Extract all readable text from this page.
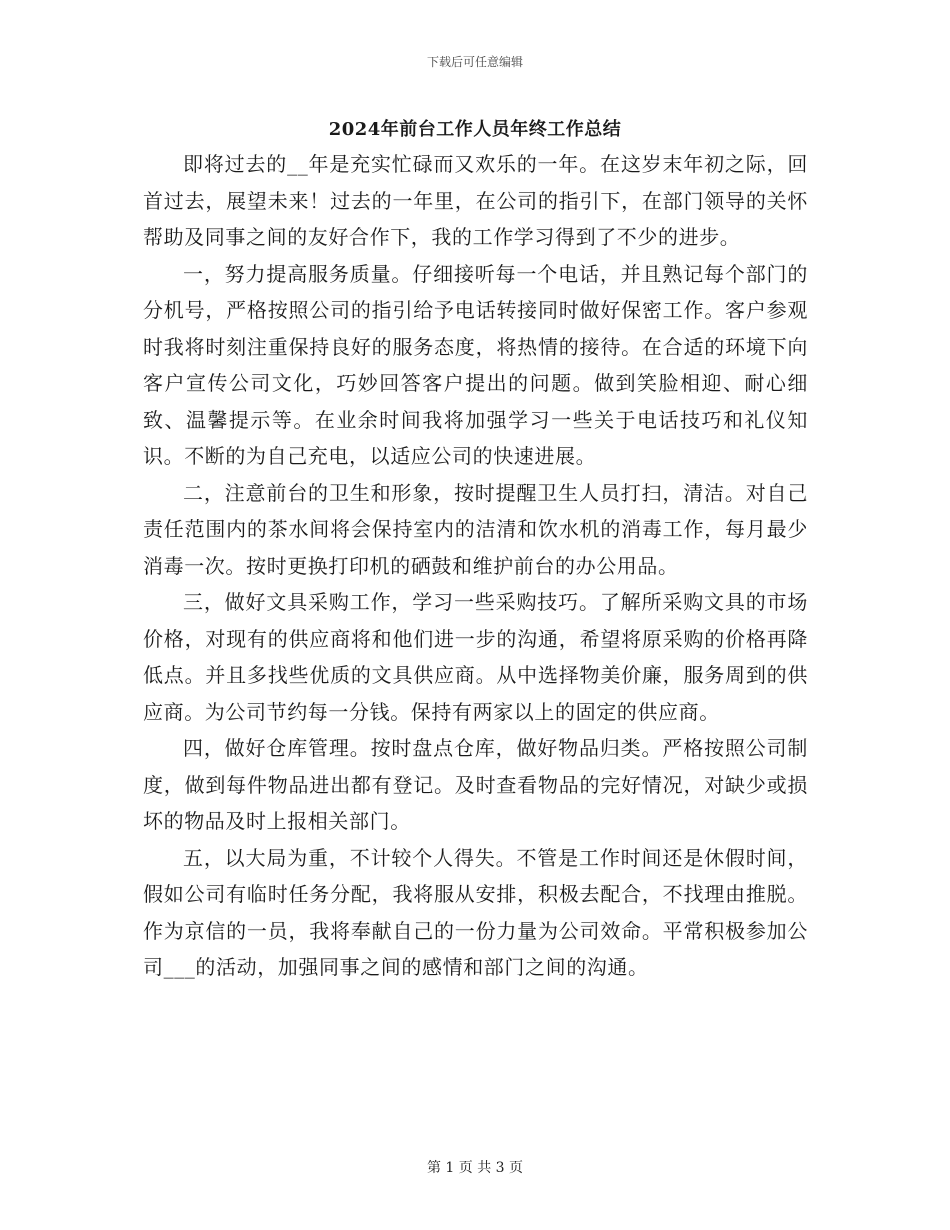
下载后可任意编辑
2024年前台工作人员年终工作总结

即将过去的__年是充实忙碌而又欢乐的一年。在这岁末年初之际，回首过去，展望未来！过去的一年里，在公司的指引下，在部门领导的关怀帮助及同事之间的友好合作下，我的工作学习得到了不少的进步。

一，努力提高服务质量。仔细接听每一个电话，并且熟记每个部门的分机号，严格按照公司的指引给予电话转接同时做好保密工作。客户参观时我将时刻注重保持良好的服务态度，将热情的接待。在合适的环境下向客户宣传公司文化，巧妙回答客户提出的问题。做到笑脸相迎、耐心细致、温馨提示等。在业余时间我将加强学习一些关于电话技巧和礼仪知识。不断的为自己充电，以适应公司的快速进展。

二，注意前台的卫生和形象，按时提醒卫生人员打扫，清洁。对自己责任范围内的茶水间将会保持室内的洁清和饮水机的消毒工作，每月最少消毒一次。按时更换打印机的硒鼓和维护前台的办公用品。

三，做好文具采购工作，学习一些采购技巧。了解所采购文具的市场价格，对现有的供应商将和他们进一步的沟通，希望将原采购的价格再降低点。并且多找些优质的文具供应商。从中选择物美价廉，服务周到的供应商。为公司节约每一分钱。保持有两家以上的固定的供应商。

四，做好仓库管理。按时盘点仓库，做好物品归类。严格按照公司制度，做到每件物品进出都有登记。及时查看物品的完好情况，对缺少或损坏的物品及时上报相关部门。

五，以大局为重，不计较个人得失。不管是工作时间还是休假时间，假如公司有临时任务分配，我将服从安排，积极去配合，不找理由推脱。作为京信的一员，我将奉献自己的一份力量为公司效命。平常积极参加公司___的活动，加强同事之间的感情和部门之间的沟通。

第 1 页 共 3 页
